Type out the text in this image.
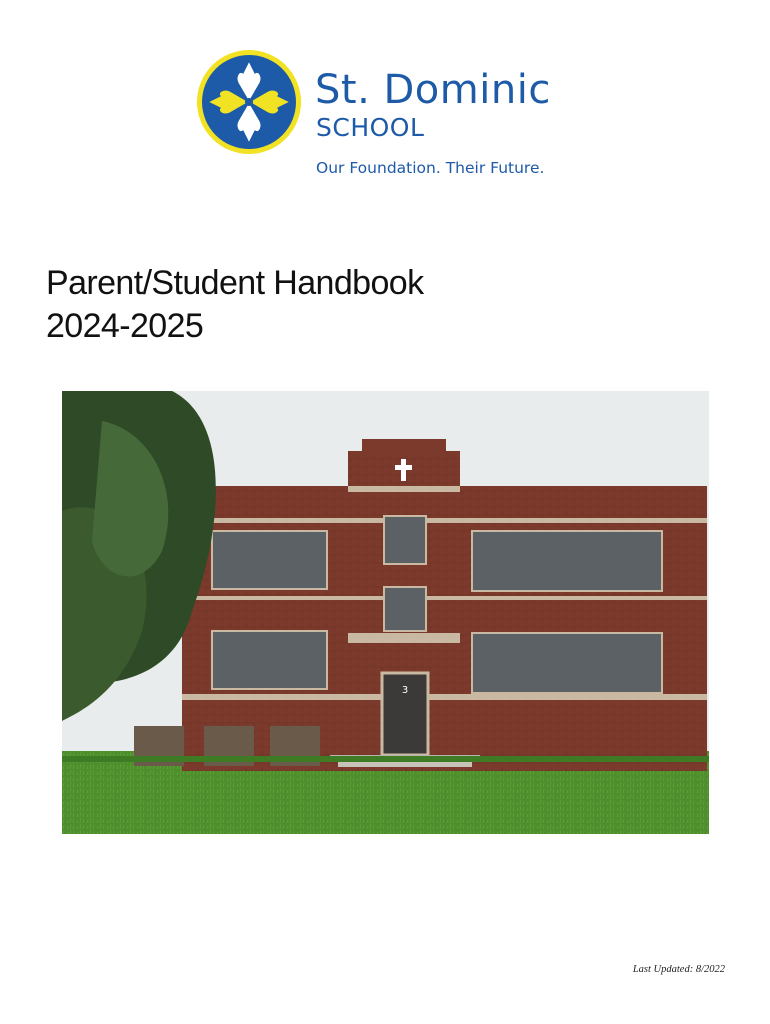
St. Dominic
SCHOOL
Our Foundation. Their Future.
Parent/Student Handbook
2024-2025
3
Last Updated: 8/2022
